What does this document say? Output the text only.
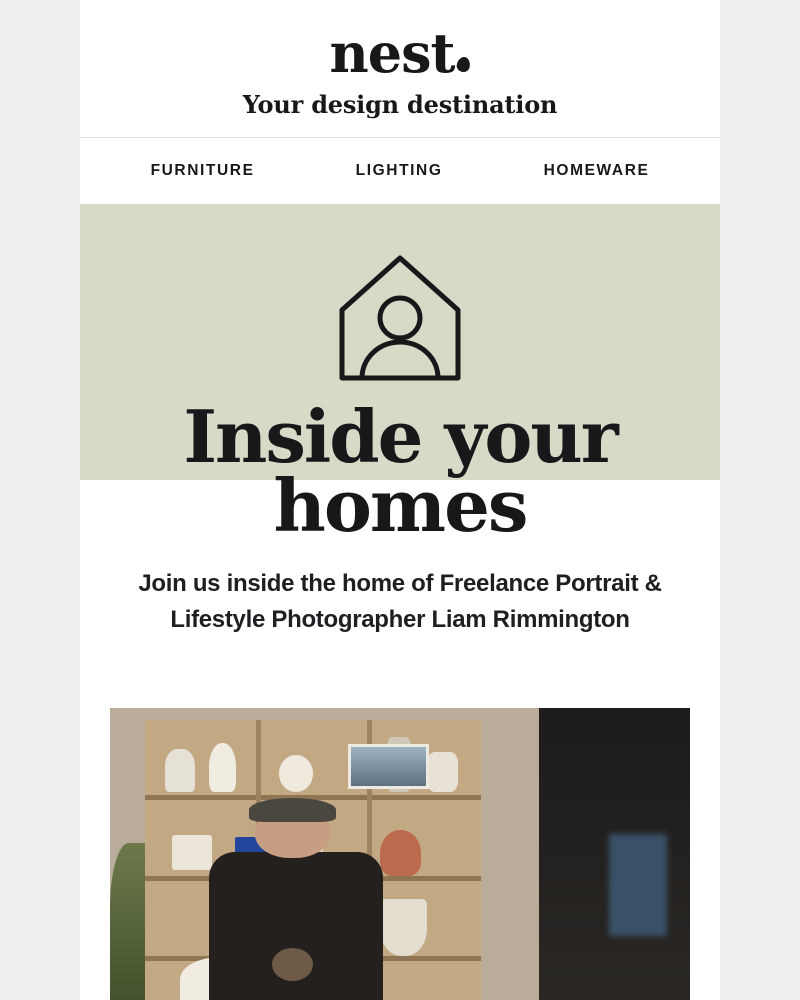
nest
Your design destination
FURNITURE	LIGHTING	HOMEWARE
Inside your homes

Join us inside the home of Freelance Portrait & Lifestyle Photographer Liam Rimmington
